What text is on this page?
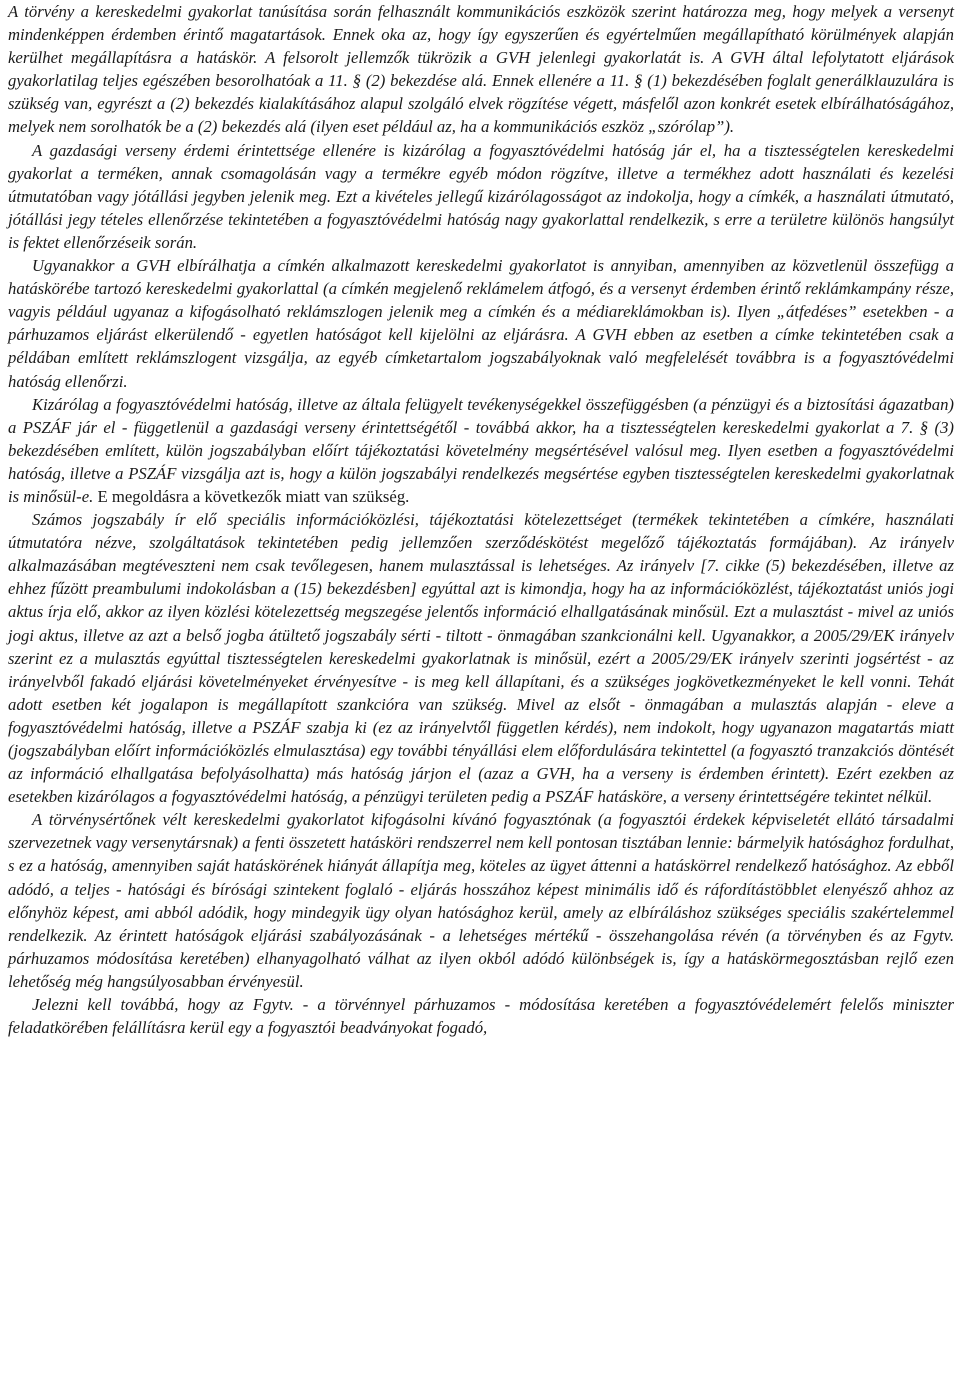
A törvény a kereskedelmi gyakorlat tanúsítása során felhasznált kommunikációs eszközök szerint határozza meg, hogy melyek a versenyt mindenképpen érdemben érintő magatartások. Ennek oka az, hogy így egyszerűen és egyértelműen megállapítható körülmények alapján kerülhet megállapításra a hatáskör. A felsorolt jellemzők tükrözik a GVH jelenlegi gyakorlatát is. A GVH által lefolytatott eljárások gyakorlatilag teljes egészében besorolhatóak a 11. § (2) bekezdése alá. Ennek ellenére a 11. § (1) bekezdésében foglalt generálklauzulára is szükség van, egyrészt a (2) bekezdés kialakításához alapul szolgáló elvek rögzítése végett, másfelől azon konkrét esetek elbírálhatóságához, melyek nem sorolhatók be a (2) bekezdés alá (ilyen eset például az, ha a kommunikációs eszköz „szórólap”).

A gazdasági verseny érdemi érintettsége ellenére is kizárólag a fogyasztóvédelmi hatóság jár el, ha a tisztességtelen kereskedelmi gyakorlat a terméken, annak csomagolásán vagy a termékre egyéb módon rögzítve, illetve a termékhez adott használati és kezelési útmutatóban vagy jótállási jegyben jelenik meg. Ezt a kivételes jellegű kizárólagosságot az indokolja, hogy a címkék, a használati útmutató, jótállási jegy tételes ellenőrzése tekintetében a fogyasztóvédelmi hatóság nagy gyakorlattal rendelkezik, s erre a területre különös hangsúlyt is fektet ellenőrzéseik során.

Ugyanakkor a GVH elbírálhatja a címkén alkalmazott kereskedelmi gyakorlatot is annyiban, amennyiben az közvetlenül összefügg a hatáskörébe tartozó kereskedelmi gyakorlattal (a címkén megjelenő reklámelem átfogó, és a versenyt érdemben érintő reklámkampány része, vagyis például ugyanaz a kifogásolható reklámszlogen jelenik meg a címkén és a médiareklámokban is). Ilyen „átfedéses” esetekben - a párhuzamos eljárást elkerülendő - egyetlen hatóságot kell kijelölni az eljárásra. A GVH ebben az esetben a címke tekintetében csak a példában említett reklámszlogent vizsgálja, az egyéb címketartalom jogszabályoknak való megfelelését továbbra is a fogyasztóvédelmi hatóság ellenőrzi.

Kizárólag a fogyasztóvédelmi hatóság, illetve az általa felügyelt tevékenységekkel összefüggésben (a pénzügyi és a biztosítási ágazatban) a PSZÁF jár el - függetlenül a gazdasági verseny érintettségétől - továbbá akkor, ha a tisztességtelen kereskedelmi gyakorlat a 7. § (3) bekezdésében említett, külön jogszabályban előírt tájékoztatási követelmény megsértésével valósul meg. Ilyen esetben a fogyasztóvédelmi hatóság, illetve a PSZÁF vizsgálja azt is, hogy a külön jogszabályi rendelkezés megsértése egyben tisztességtelen kereskedelmi gyakorlatnak is minősül-e. E megoldásra a következők miatt van szükség.

Számos jogszabály ír elő speciális információközlési, tájékoztatási kötelezettséget (termékek tekintetében a címkére, használati útmutatóra nézve, szolgáltatások tekintetében pedig jellemzően szerződéskötést megelőző tájékoztatás formájában). Az irányelv alkalmazásában megtéveszteni nem csak tevőlegesen, hanem mulasztással is lehetséges. Az irányelv [7. cikke (5) bekezdésében, illetve az ehhez fűzött preambulumi indokolásban a (15) bekezdésben] egyúttal azt is kimondja, hogy ha az információközlést, tájékoztatást uniós jogi aktus írja elő, akkor az ilyen közlési kötelezettség megszegése jelentős információ elhallgatásának minősül. Ezt a mulasztást - mivel az uniós jogi aktus, illetve az azt a belső jogba átültető jogszabály sérti - tiltott - önmagában szankcionálni kell. Ugyanakkor, a 2005/29/EK irányelv szerint ez a mulasztás egyúttal tisztességtelen kereskedelmi gyakorlatnak is minősül, ezért a 2005/29/EK irányelv szerinti jogsértést - az irányelvből fakadó eljárási követelményeket érvényesítve - is meg kell állapítani, és a szükséges jogkövetkezményeket le kell vonni. Tehát adott esetben két jogalapon is megállapított szankcióra van szükség. Mivel az elsőt - önmagában a mulasztás alapján - eleve a fogyasztóvédelmi hatóság, illetve a PSZÁF szabja ki (ez az irányelvtől független kérdés), nem indokolt, hogy ugyanazon magatartás miatt (jogszabályban előírt információközlés elmulasztása) egy további tényállási elem előfordulására tekintettel (a fogyasztó tranzakciós döntését az információ elhallgatása befolyásolhatta) más hatóság járjon el (azaz a GVH, ha a verseny is érdemben érintett). Ezért ezekben az esetekben kizárólagos a fogyasztóvédelmi hatóság, a pénzügyi területen pedig a PSZÁF hatásköre, a verseny érintettségére tekintet nélkül.

A törvénysértőnek vélt kereskedelmi gyakorlatot kifogásolni kívánó fogyasztónak (a fogyasztói érdekek képviseletét ellátó társadalmi szervezetnek vagy versenytársnak) a fenti összetett hatásköri rendszerrel nem kell pontosan tisztában lennie: bármelyik hatósághoz fordulhat, s ez a hatóság, amennyiben saját hatáskörének hiányát állapítja meg, köteles az ügyet áttenni a hatáskörrel rendelkező hatósághoz. Az ebből adódó, a teljes - hatósági és bírósági szintekent foglaló - eljárás hosszához képest minimális idő és ráfordítástöbblet elenyésző ahhoz az előnyhöz képest, ami abból adódik, hogy mindegyik ügy olyan hatósághoz kerül, amely az elbíráláshoz szükséges speciális szakértelemmel rendelkezik. Az érintett hatóságok eljárási szabályozásának - a lehetséges mértékű - összehangolása révén (a törvényben és az Fgytv. párhuzamos módosítása keretében) elhanyagolható válhat az ilyen okból adódó különbségek is, így a hatáskörmegosztásban rejlő ezen lehetőség még hangsúlyosabban érvényesül.

Jelezni kell továbbá, hogy az Fgytv. - a törvénnyel párhuzamos - módosítása keretében a fogyasztóvédelemért felelős miniszter feladatkörében felállításra kerül egy a fogyasztói beadványokat fogadó,
